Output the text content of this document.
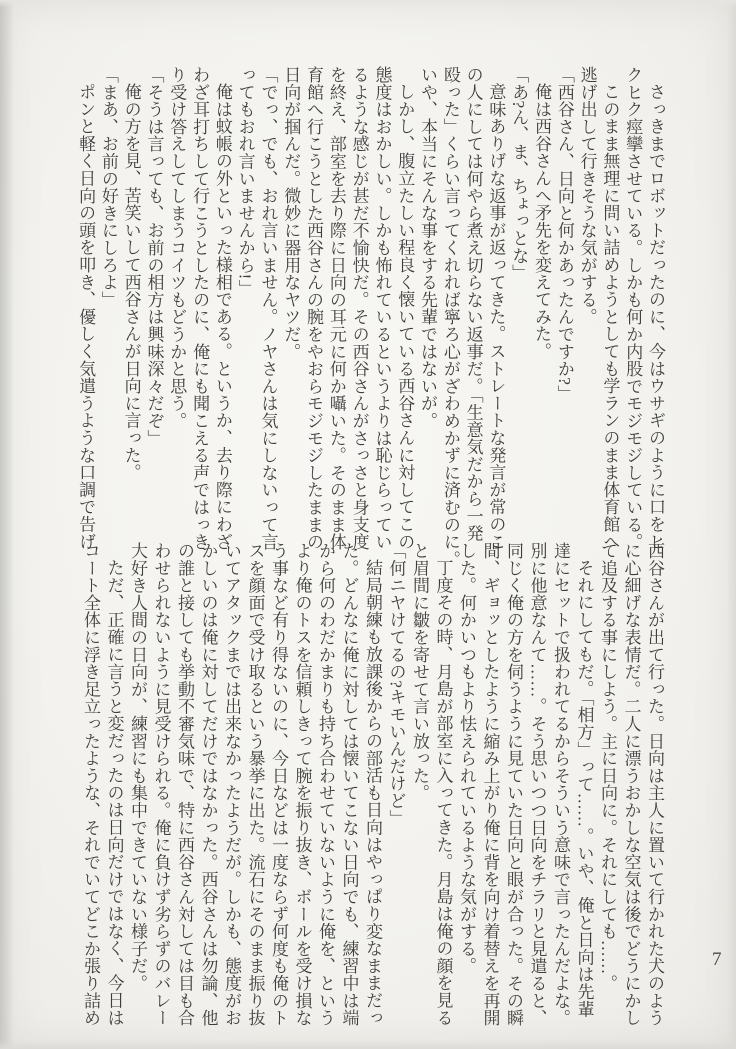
さっきまでロボットだったのに、今はウサギのように口をヒ

クヒク痙攣させている。しかも何か内股でモジモジしている。

このまま無理に問い詰めようとしても学ランのまま体育館へ

逃げ出して行きそうな気がする。

「西谷さん、日向と何かあったんですか?」

俺は西谷さんへ矛先を変えてみた。

「あ?ん、ま、ちょっとな」

意味ありげな返事が返ってきた。ストレートな発言が常のこ

の人にしては何やら煮え切らない返事だ。「生意気だから一発

殴った」くらい言ってくれれば寧ろ心がざわめかずに済むのに。

いや、本当にそんな事をする先輩ではないが。

しかし、腹立たしい程良く懐いている西谷さんに対してこの

態度はおかしい。しかも怖れているというよりは恥じらってい

るような感じが甚だ不愉快だ。その西谷さんがさっさと身支度

を終え、部室を去り際に日向の耳元に何か囁いた。そのまま体

育館へ行こうとした西谷さんの腕をやおらモジモジしたままの

日向が掴んだ。微妙に器用なヤツだ。

「でっ、でも、おれ言いません。ノヤさんは気にしないって言

ってもおれ言いませんから!」

俺は蚊帳の外といった様相である。というか、去り際にわざ

わざ耳打ちして行こうとしたのに、俺にも聞こえる声ではっき

り受け答えしてしまうコイツもどうかと思う。

「そうは言っても、お前の相方は興味深々だぞ」

俺の方を見、苦笑いして西谷さんが日向に言った。

「まあ、お前の好きにしろよ」

ポンと軽く日向の頭を叩き、優しく気遣うような口調で告げ

西谷さんが出て行った。日向は主人に置いて行かれた犬のよう

に心細げな表情だ。二人に漂うおかしな空気は後でどうにかし

て追及する事にしよう。主に日向に。それにしても……。

それにしてもだ。「相方」って……。いや、俺と日向は先輩

達にセットで扱われてるからそういう意味で言ったんだよな。

別に他意なんて……。そう思いつつ日向をチラリと見遣ると、

同じく俺の方を伺うように見ていた日向と眼が合った。その瞬

間、ギョッとしたように縮み上がり俺に背を向け着替えを再開

した。何かいつもより怯えられているような気がする。

丁度その時、月島が部室に入ってきた。月島は俺の顔を見る

と眉間に皺を寄せて言い放った。

「何ニヤけてるの?キモいんだけど」

結局朝練も放課後からの部活も日向はやっぱり変なままだっ

た。どんなに俺に対しては懐いてこない日向でも、練習中は端

から何のわだかまりも持ち合わせていないように俺を、という

より俺のトスを信頼しきって腕を振り抜き、ボールを受け損な

う事など有り得ないのに、今日などは一度ならず何度も俺のト

スを顔面で受け取るという暴挙に出た。流石にそのまま振り抜

いてアタックまでは出来なかったようだが。しかも、態度がお

かしいのは俺に対してだけではなかった。西谷さんは勿論、他

の誰と接しても挙動不審気味で、特に西谷さん対しては目も合

わせられないように見受けられる。俺に負けず劣らずのバレー

大好き人間の日向が、練習にも集中できていない様子だ。

ただ、正確に言うと変だったのは日向だけではなく、今日は

コート全体に浮き足立ったような、それでいてどこか張り詰め	7
